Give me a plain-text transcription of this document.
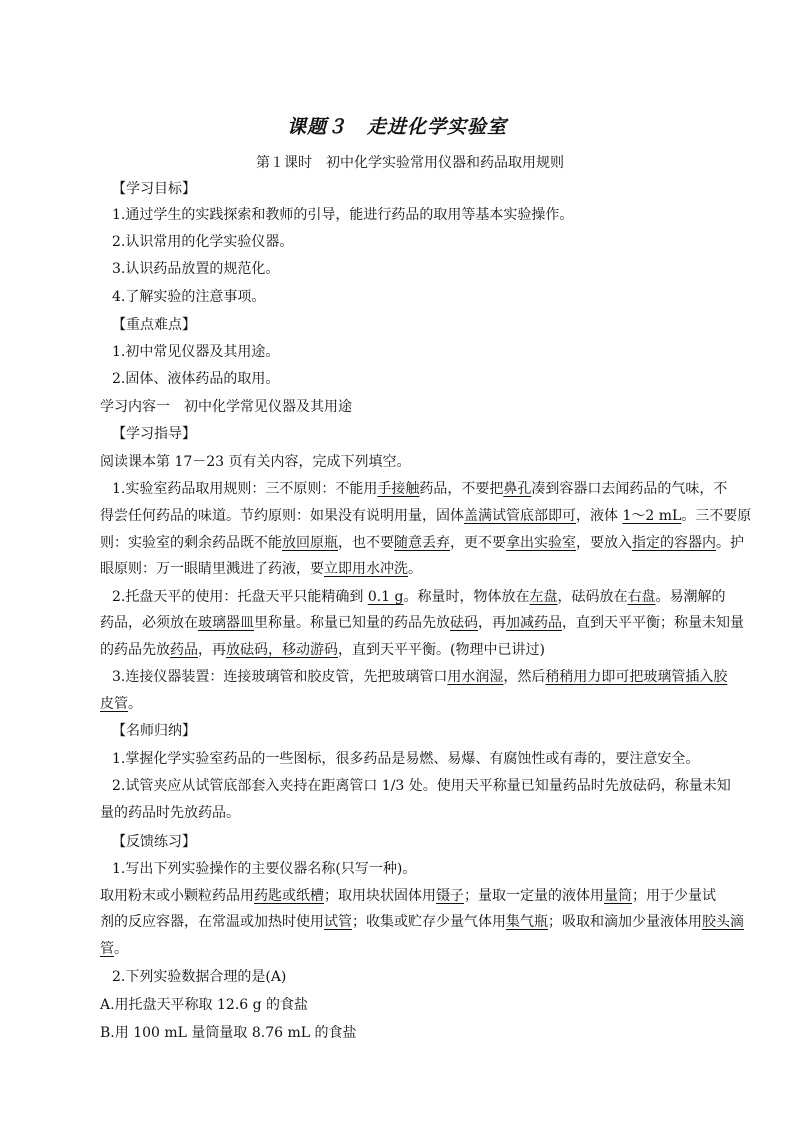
课题３　走进化学实验室
第１课时　初中化学实验常用仪器和药品取用规则
【学习目标】
1.通过学生的实践探索和教师的引导，能进行药品的取用等基本实验操作。
2.认识常用的化学实验仪器。
3.认识药品放置的规范化。
4.了解实验的注意事项。
【重点难点】
1.初中常见仪器及其用途。
2.固体、液体药品的取用。
学习内容一　初中化学常见仪器及其用途
【学习指导】
阅读课本第 17－23 页有关内容，完成下列填空。
1.实验室药品取用规则：三不原则：不能用手接触药品，不要把鼻孔凑到容器口去闻药品的气味，不
得尝任何药品的味道。节约原则：如果没有说明用量，固体盖满试管底部即可，液体 1～2 mL。三不要原
则：实验室的剩余药品既不能放回原瓶，也不要随意丢弃，更不要拿出实验室，要放入指定的容器内。护
眼原则：万一眼睛里溅进了药液，要立即用水冲洗。
2.托盘天平的使用：托盘天平只能精确到 0.1 g。称量时，物体放在左盘，砝码放在右盘。易潮解的
药品，必须放在玻璃器皿里称量。称量已知量的药品先放砝码，再加减药品，直到天平平衡；称量未知量
的药品先放药品，再放砝码，移动游码，直到天平平衡。(物理中已讲过)
3.连接仪器装置：连接玻璃管和胶皮管，先把玻璃管口用水润湿，然后稍稍用力即可把玻璃管插入胶
皮管。
【名师归纳】
1.掌握化学实验室药品的一些图标，很多药品是易燃、易爆、有腐蚀性或有毒的，要注意安全。
2.试管夹应从试管底部套入夹持在距离管口 1/3 处。使用天平称量已知量药品时先放砝码，称量未知
量的药品时先放药品。
【反馈练习】
1.写出下列实验操作的主要仪器名称(只写一种)。
取用粉末或小颗粒药品用药匙或纸槽；取用块状固体用镊子；量取一定量的液体用量筒；用于少量试
剂的反应容器，在常温或加热时使用试管；收集或贮存少量气体用集气瓶；吸取和滴加少量液体用胶头滴
管。
2.下列实验数据合理的是(A)
A.用托盘天平称取 12.6 g 的食盐
B.用 100 mL 量筒量取 8.76 mL 的食盐
